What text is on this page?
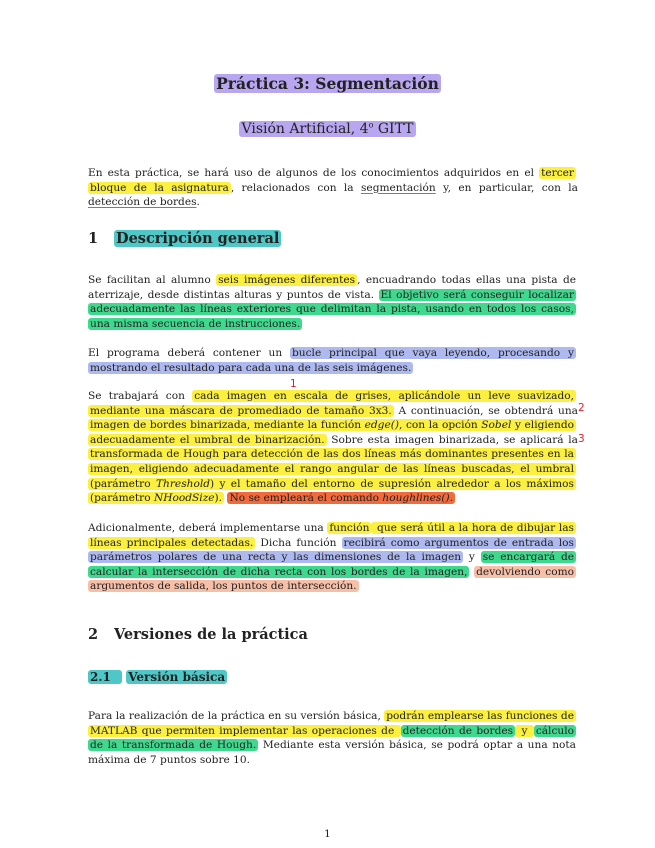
Práctica 3: Segmentación
Visión Artificial, 4$^o$ GITT
En esta práctica, se hará uso de algunos de los conocimientos adquiridos en el tercer bloque de la asignatura , relacionados con la segmentación y, en particular, con la detección de bordes.
1 Descripción general
Se facilitan al alumno seis imágenes diferentes , encuadrando todas ellas una pista de aterrizaje, desde distintas alturas y puntos de vista. El objetivo será conseguir localizar adecuadamente las líneas exteriores que delimitan la pista, usando en todos los casos, una misma secuencia de instrucciones.
El programa deberá contener un bucle principal que vaya leyendo, procesando y mostrando el resultado para cada una de las seis imágenes.
1
2
3
Se trabajará con cada imagen en escala de grises, aplicándole un leve suavizado, mediante una máscara de promediado de tamaño 3x3. A continuación, se obtendrá una imagen de bordes binarizada, mediante la función edge(), con la opción Sobel y eligiendo adecuadamente el umbral de binarización. Sobre esta imagen binarizada, se aplicará la transformada de Hough para detección de las dos líneas más dominantes presentes en la imagen, eligiendo adecuadamente el rango angular de las líneas buscadas, el umbral (parámetro Threshold) y el tamaño del entorno de supresión alrededor a los máximos (parámetro NHoodSize). No se empleará el comando houghlines().
Adicionalmente, deberá implementarse una función que será útil a la hora de dibujar las líneas principales detectadas. Dicha función recibirá como argumentos de entrada los parámetros polares de una recta y las dimensiones de la imagen y se encargará de calcular la intersección de dicha recta con los bordes de la imagen, devolviendo como argumentos de salida, los puntos de intersección.
2 Versiones de la práctica
2.1 Versión básica
Para la realización de la práctica en su versión básica, podrán emplearse las funciones de MATLAB que permiten implementar las operaciones de detección de bordes y cálculo de la transformada de Hough. Mediante esta versión básica, se podrá optar a una nota máxima de 7 puntos sobre 10.
1
